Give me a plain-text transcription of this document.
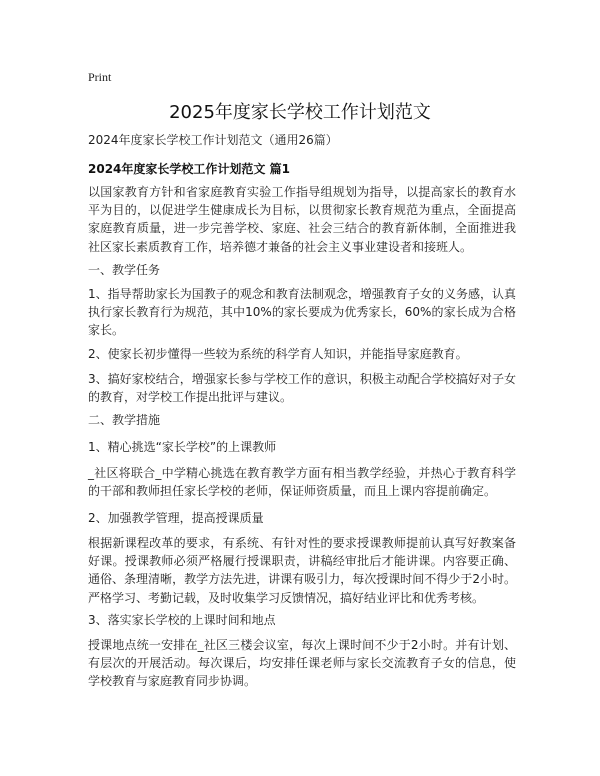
Print
2025年度家长学校工作计划范文
2024年度家长学校工作计划范文（通用26篇）
2024年度家长学校工作计划范文 篇1

以国家教育方针和省家庭教育实验工作指导组规划为指导，以提高家长的教育水平为目的，以促进学生健康成长为目标，以贯彻家长教育规范为重点，全面提高家庭教育质量，进一步完善学校、家庭、社会三结合的教育新体制，全面推进我社区家长素质教育工作，培养德才兼备的社会主义事业建设者和接班人。

一、教学任务

1、指导帮助家长为国教子的观念和教育法制观念，增强教育子女的义务感，认真执行家长教育行为规范，其中10%的家长要成为优秀家长，60%的家长成为合格家长。

2、使家长初步懂得一些较为系统的科学育人知识，并能指导家庭教育。

3、搞好家校结合，增强家长参与学校工作的意识，积极主动配合学校搞好对子女的教育，对学校工作提出批评与建议。

二、教学措施
1、精心挑选“家长学校”的上课教师

_社区将联合_中学精心挑选在教育教学方面有相当教学经验，并热心于教育科学的干部和教师担任家长学校的老师，保证师资质量，而且上课内容提前确定。

2、加强教学管理，提高授课质量

根据新课程改革的要求，有系统、有针对性的要求授课教师提前认真写好教案备好课。授课教师必须严格履行授课职责，讲稿经审批后才能讲课。内容要正确、通俗、条理清晰，教学方法先进，讲课有吸引力，每次授课时间不得少于2小时。严格学习、考勤记载，及时收集学习反馈情况，搞好结业评比和优秀考核。

3、落实家长学校的上课时间和地点

授课地点统一安排在_社区三楼会议室，每次上课时间不少于2小时。并有计划、有层次的开展活动。每次课后，均安排任课老师与家长交流教育子女的信息，使学校教育与家庭教育同步协调。
